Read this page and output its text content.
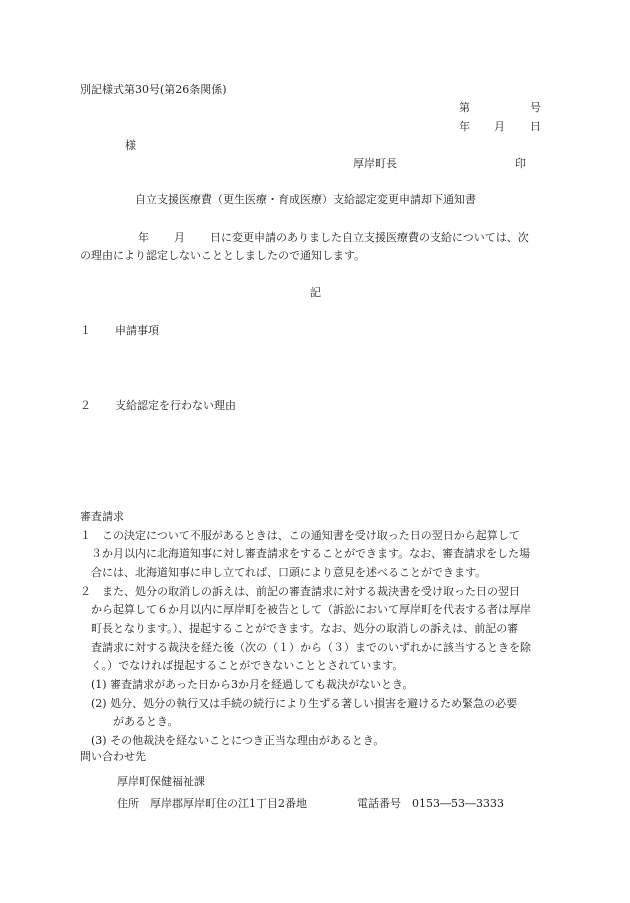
別記様式第30号(第26条関係)
第	号
年 月 日
様
厚岸町長	印
自立支援医療費（更生医療・育成医療）支給認定変更申請却下通知書
年 月 日に変更申請のありました自立支援医療費の支給については、次
の理由により認定しないこととしましたので通知します。
記
１ 申請事項
２ 支給認定を行わない理由
審査請求
１　この決定について不服があるときは、この通知書を受け取った日の翌日から起算して
　３か月以内に北海道知事に対し審査請求をすることができます。なお、審査請求をした場
　合には、北海道知事に申し立てれば、口頭により意見を述べることができます。
２　また、処分の取消しの訴えは、前記の審査請求に対する裁決書を受け取った日の翌日
　から起算して６か月以内に厚岸町を被告として（訴訟において厚岸町を代表する者は厚岸
　町長となります。）、提起することができます。なお、処分の取消しの訴えは、前記の審
　査請求に対する裁決を経た後（次の（１）から（３）までのいずれかに該当するときを除
　く。）でなければ提起することができないこととされています。
　(1) 審査請求があった日から3か月を経過しても裁決がないとき。
　(2) 処分、処分の執行又は手続の続行により生ずる著しい損害を避けるため緊急の必要
　　　があるとき。
　(3) その他裁決を経ないことにつき正当な理由があるとき。
問い合わせ先
厚岸町保健福祉課
住所　厚岸郡厚岸町住の江1丁目2番地	電話番号　0153―53―3333
